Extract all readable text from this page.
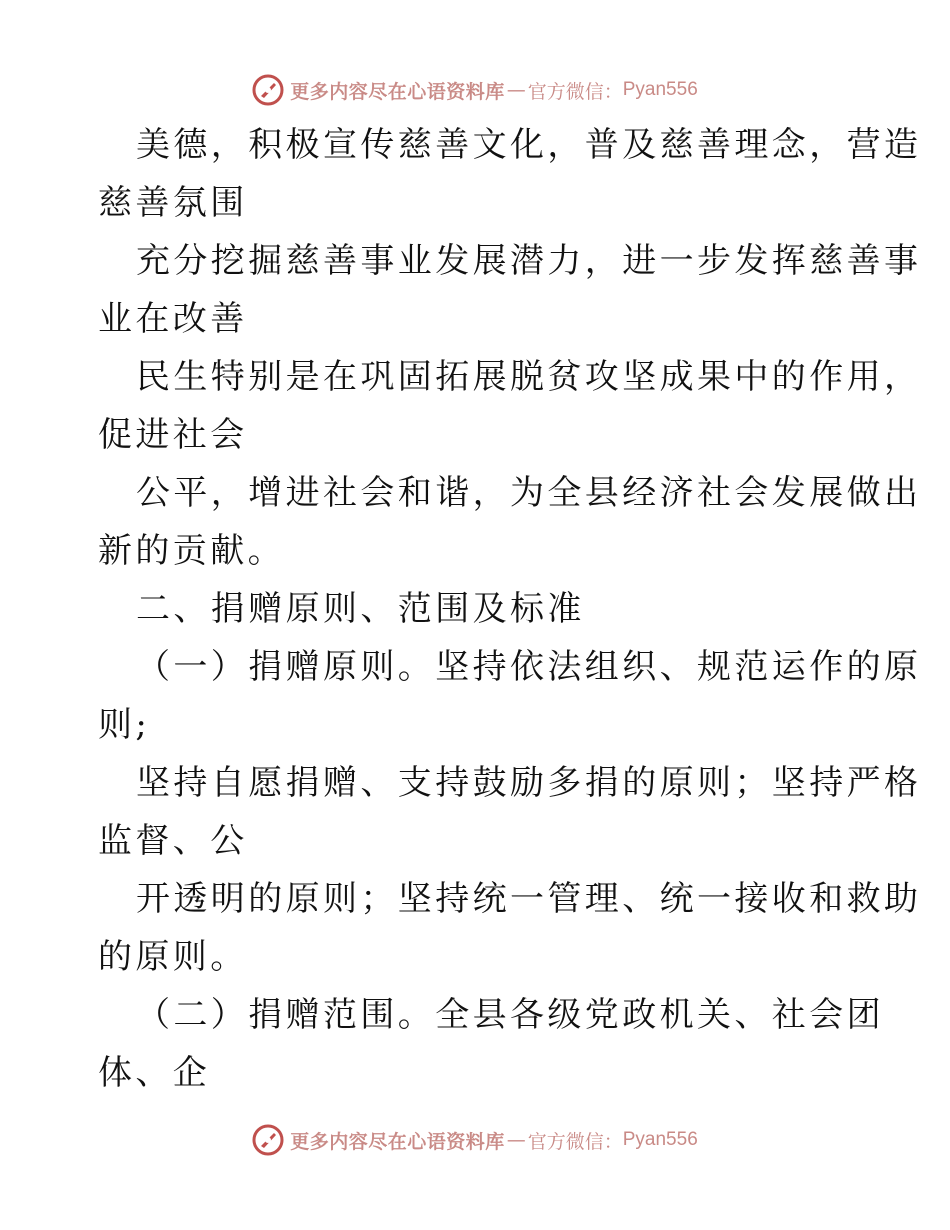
更多内容尽在心语资料库 — 官方微信： Pyan556

美德，积极宣传慈善文化，普及慈善理念，营造
慈善氛围

充分挖掘慈善事业发展潜力，进一步发挥慈善事
业在改善

民生特别是在巩固拓展脱贫攻坚成果中的作用，
促进社会

公平，增进社会和谐，为全县经济社会发展做出
新的贡献。

二、捐赠原则、范围及标准

（一）捐赠原则。坚持依法组织、规范运作的原
则;

坚持自愿捐赠、支持鼓励多捐的原则；坚持严格
监督、公

开透明的原则；坚持统一管理、统一接收和救助
的原则。

（二）捐赠范围。全县各级党政机关、社会团
体、企

更多内容尽在心语资料库 — 官方微信： Pyan556
